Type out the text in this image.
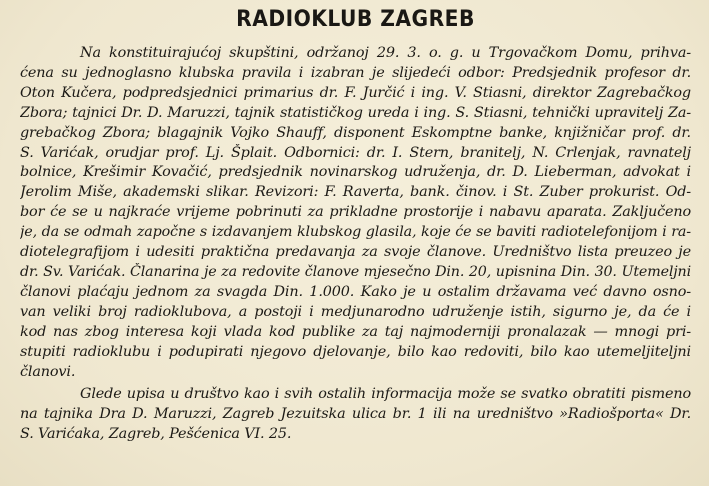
RADIOKLUB ZAGREB
Na konstituirajućoj skupštini, održanoj 29. 3. o. g. u Trgovačkom Domu, prihva-
ćena su jednoglasno klubska pravila i izabran je slijedeći odbor: Predsjednik profesor dr.
Oton Kučera, podpredsjednici primarius dr. F. Jurčić i ing. V. Stiasni, direktor Zagrebačkog
Zbora; tajnici Dr. D. Maruzzi, tajnik statističkog ureda i ing. S. Stiasni, tehnički upravitelj Za-
grebačkog Zbora; blagajnik Vojko Shauff, disponent Eskomptne banke, knjižničar prof. dr.
S. Varićak, orudjar prof. Lj. Šplait. Odbornici: dr. I. Stern, branitelj, N. Crlenjak, ravnatelj
bolnice, Krešimir Kovačić, predsjednik novinarskog udruženja, dr. D. Lieberman, advokat i
Jerolim Miše, akademski slikar. Revizori: F. Raverta, bank. činov. i St. Zuber prokurist. Od-
bor će se u najkraće vrijeme pobrinuti za prikladne prostorije i nabavu aparata. Zaključeno
je, da se odmah započne s izdavanjem klubskog glasila, koje će se baviti radiotelefonijom i ra-
diotelegrafijom i udesiti praktična predavanja za svoje članove. Uredništvo lista preuzeo je
dr. Sv. Varićak. Članarina je za redovite članove mjesečno Din. 20, upisnina Din. 30. Utemeljni
članovi plaćaju jednom za svagda Din. 1.000. Kako je u ostalim državama već davno osno-
van veliki broj radioklubova, a postoji i medjunarodno udruženje istih, sigurno je, da će i
kod nas zbog interesa koji vlada kod publike za taj najmoderniji pronalazak — mnogi pri-
stupiti radioklubu i podupirati njegovo djelovanje, bilo kao redoviti, bilo kao utemeljitelјni
članovi.
Glede upisa u društvo kao i svih ostalih informacija može se svatko obratiti pismeno
na tajnika Dra D. Maruzzi, Zagreb Jezuitska ulica br. 1 ili na uredništvo »Radiošporta« Dr.
S. Varićaka, Zagreb, Pešćenica VI. 25.
